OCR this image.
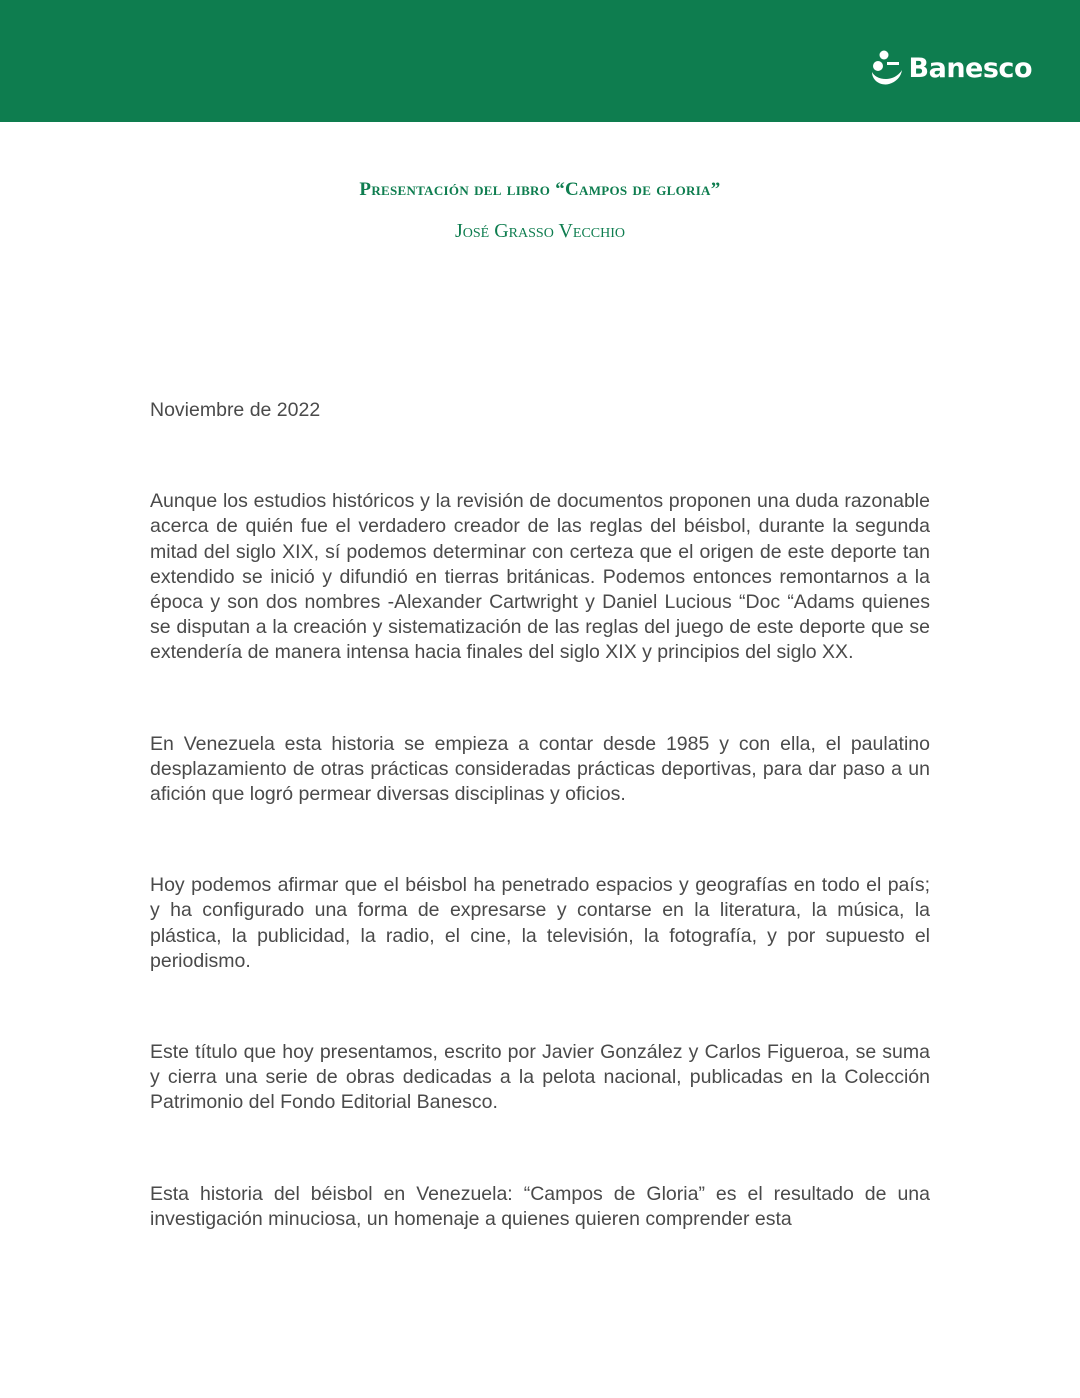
Banesco

Presentación del libro “Campos de gloria”

José Grasso Vecchio

Noviembre de 2022

Aunque los estudios históricos y la revisión de documentos proponen una duda razonable acerca de quién fue el verdadero creador de las reglas del béisbol, durante la segunda mitad del siglo XIX, sí podemos determinar con certeza que el origen de este deporte tan extendido se inició y difundió en tierras británicas. Podemos entonces remontarnos a la época y son dos nombres -Alexander Cartwright y Daniel Lucious “Doc “Adams quienes se disputan a la creación y sistematización de las reglas del juego de este deporte que se extendería de manera intensa hacia finales del siglo XIX y principios del siglo XX.

En Venezuela esta historia se empieza a contar desde 1985 y con ella, el paulatino desplazamiento de otras prácticas consideradas prácticas deportivas, para dar paso a un afición que logró permear diversas disciplinas y oficios.

Hoy podemos afirmar que el béisbol ha penetrado espacios y geografías en todo el país; y ha configurado una forma de expresarse y contarse en la literatura, la música, la plástica, la publicidad, la radio, el cine, la televisión, la fotografía, y por supuesto el periodismo.

Este título que hoy presentamos, escrito por Javier González y Carlos Figueroa, se suma y cierra una serie de obras dedicadas a la pelota nacional, publicadas en la Colección Patrimonio del Fondo Editorial Banesco.

Esta historia del béisbol en Venezuela: “Campos de Gloria” es el resultado de una investigación minuciosa, un homenaje a quienes quieren comprender esta
